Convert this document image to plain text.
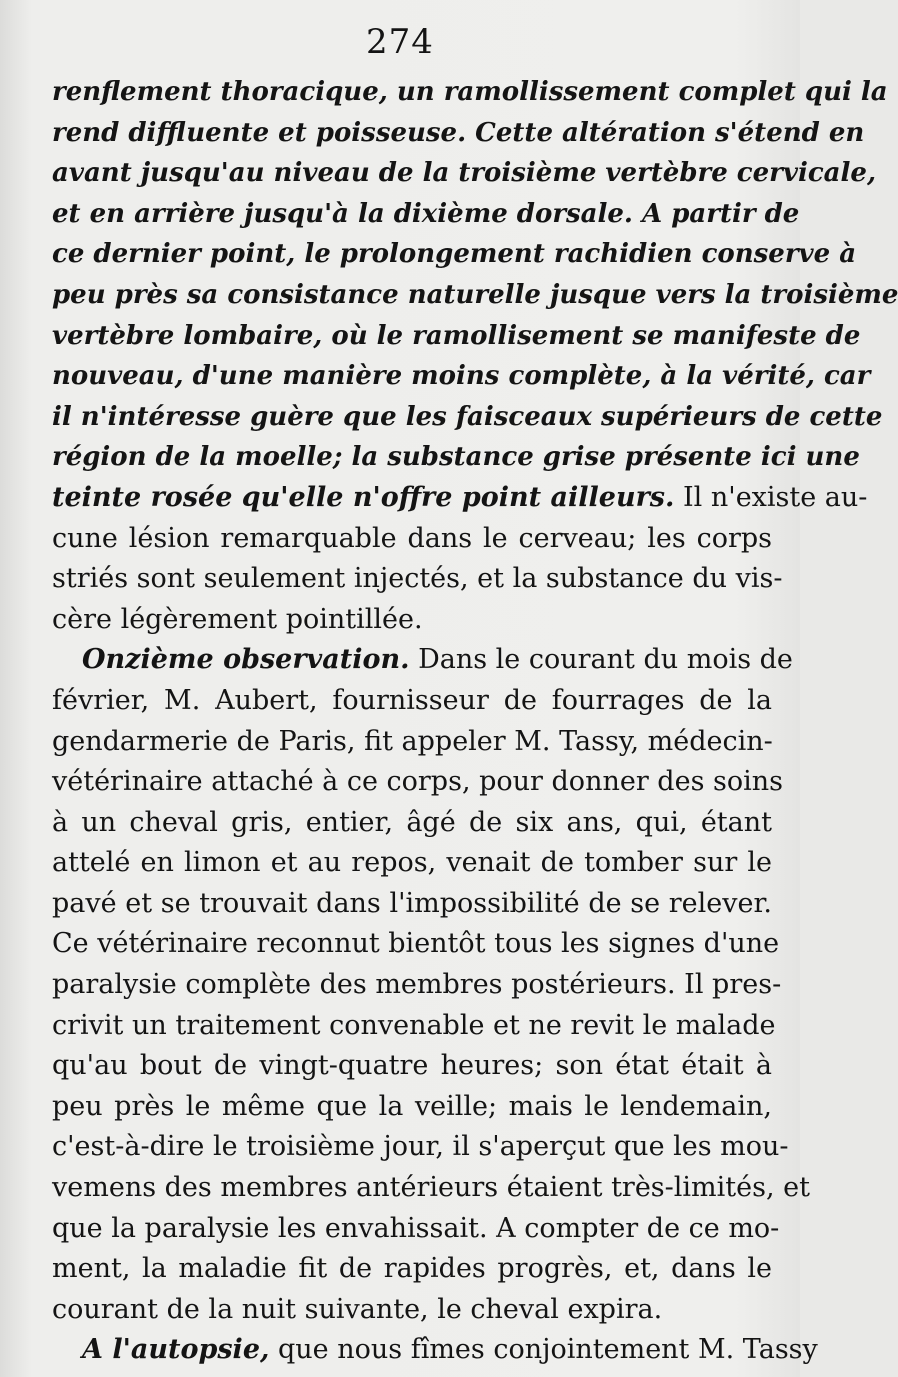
274
renflement thoracique, un ramollissement complet qui la
rend diffluente et poisseuse. Cette altération s'étend en
avant jusqu'au niveau de la troisième vertèbre cervicale,
et en arrière jusqu'à la dixième dorsale. A partir de
ce dernier point, le prolongement rachidien conserve à
peu près sa consistance naturelle jusque vers la troisième
vertèbre lombaire, où le ramollisement se manifeste de
nouveau, d'une manière moins complète, à la vérité, car
il n'intéresse guère que les faisceaux supérieurs de cette
région de la moelle; la substance grise présente ici une
teinte rosée qu'elle n'offre point ailleurs. Il n'existe au-
cune lésion remarquable dans le cerveau; les corps
striés sont seulement injectés, et la substance du vis-
cère légèrement pointillée.
Onzième observation. Dans le courant du mois de
février, M. Aubert, fournisseur de fourrages de la
gendarmerie de Paris, fit appeler M. Tassy, médecin-
vétérinaire attaché à ce corps, pour donner des soins
à un cheval gris, entier, âgé de six ans, qui, étant
attelé en limon et au repos, venait de tomber sur le
pavé et se trouvait dans l'impossibilité de se relever.
Ce vétérinaire reconnut bientôt tous les signes d'une
paralysie complète des membres postérieurs. Il pres-
crivit un traitement convenable et ne revit le malade
qu'au bout de vingt-quatre heures; son état était à
peu près le même que la veille; mais le lendemain,
c'est-à-dire le troisième jour, il s'aperçut que les mou-
vemens des membres antérieurs étaient très-limités, et
que la paralysie les envahissait. A compter de ce mo-
ment, la maladie fit de rapides progrès, et, dans le
courant de la nuit suivante, le cheval expira.
A l'autopsie, que nous fîmes conjointement M. Tassy
